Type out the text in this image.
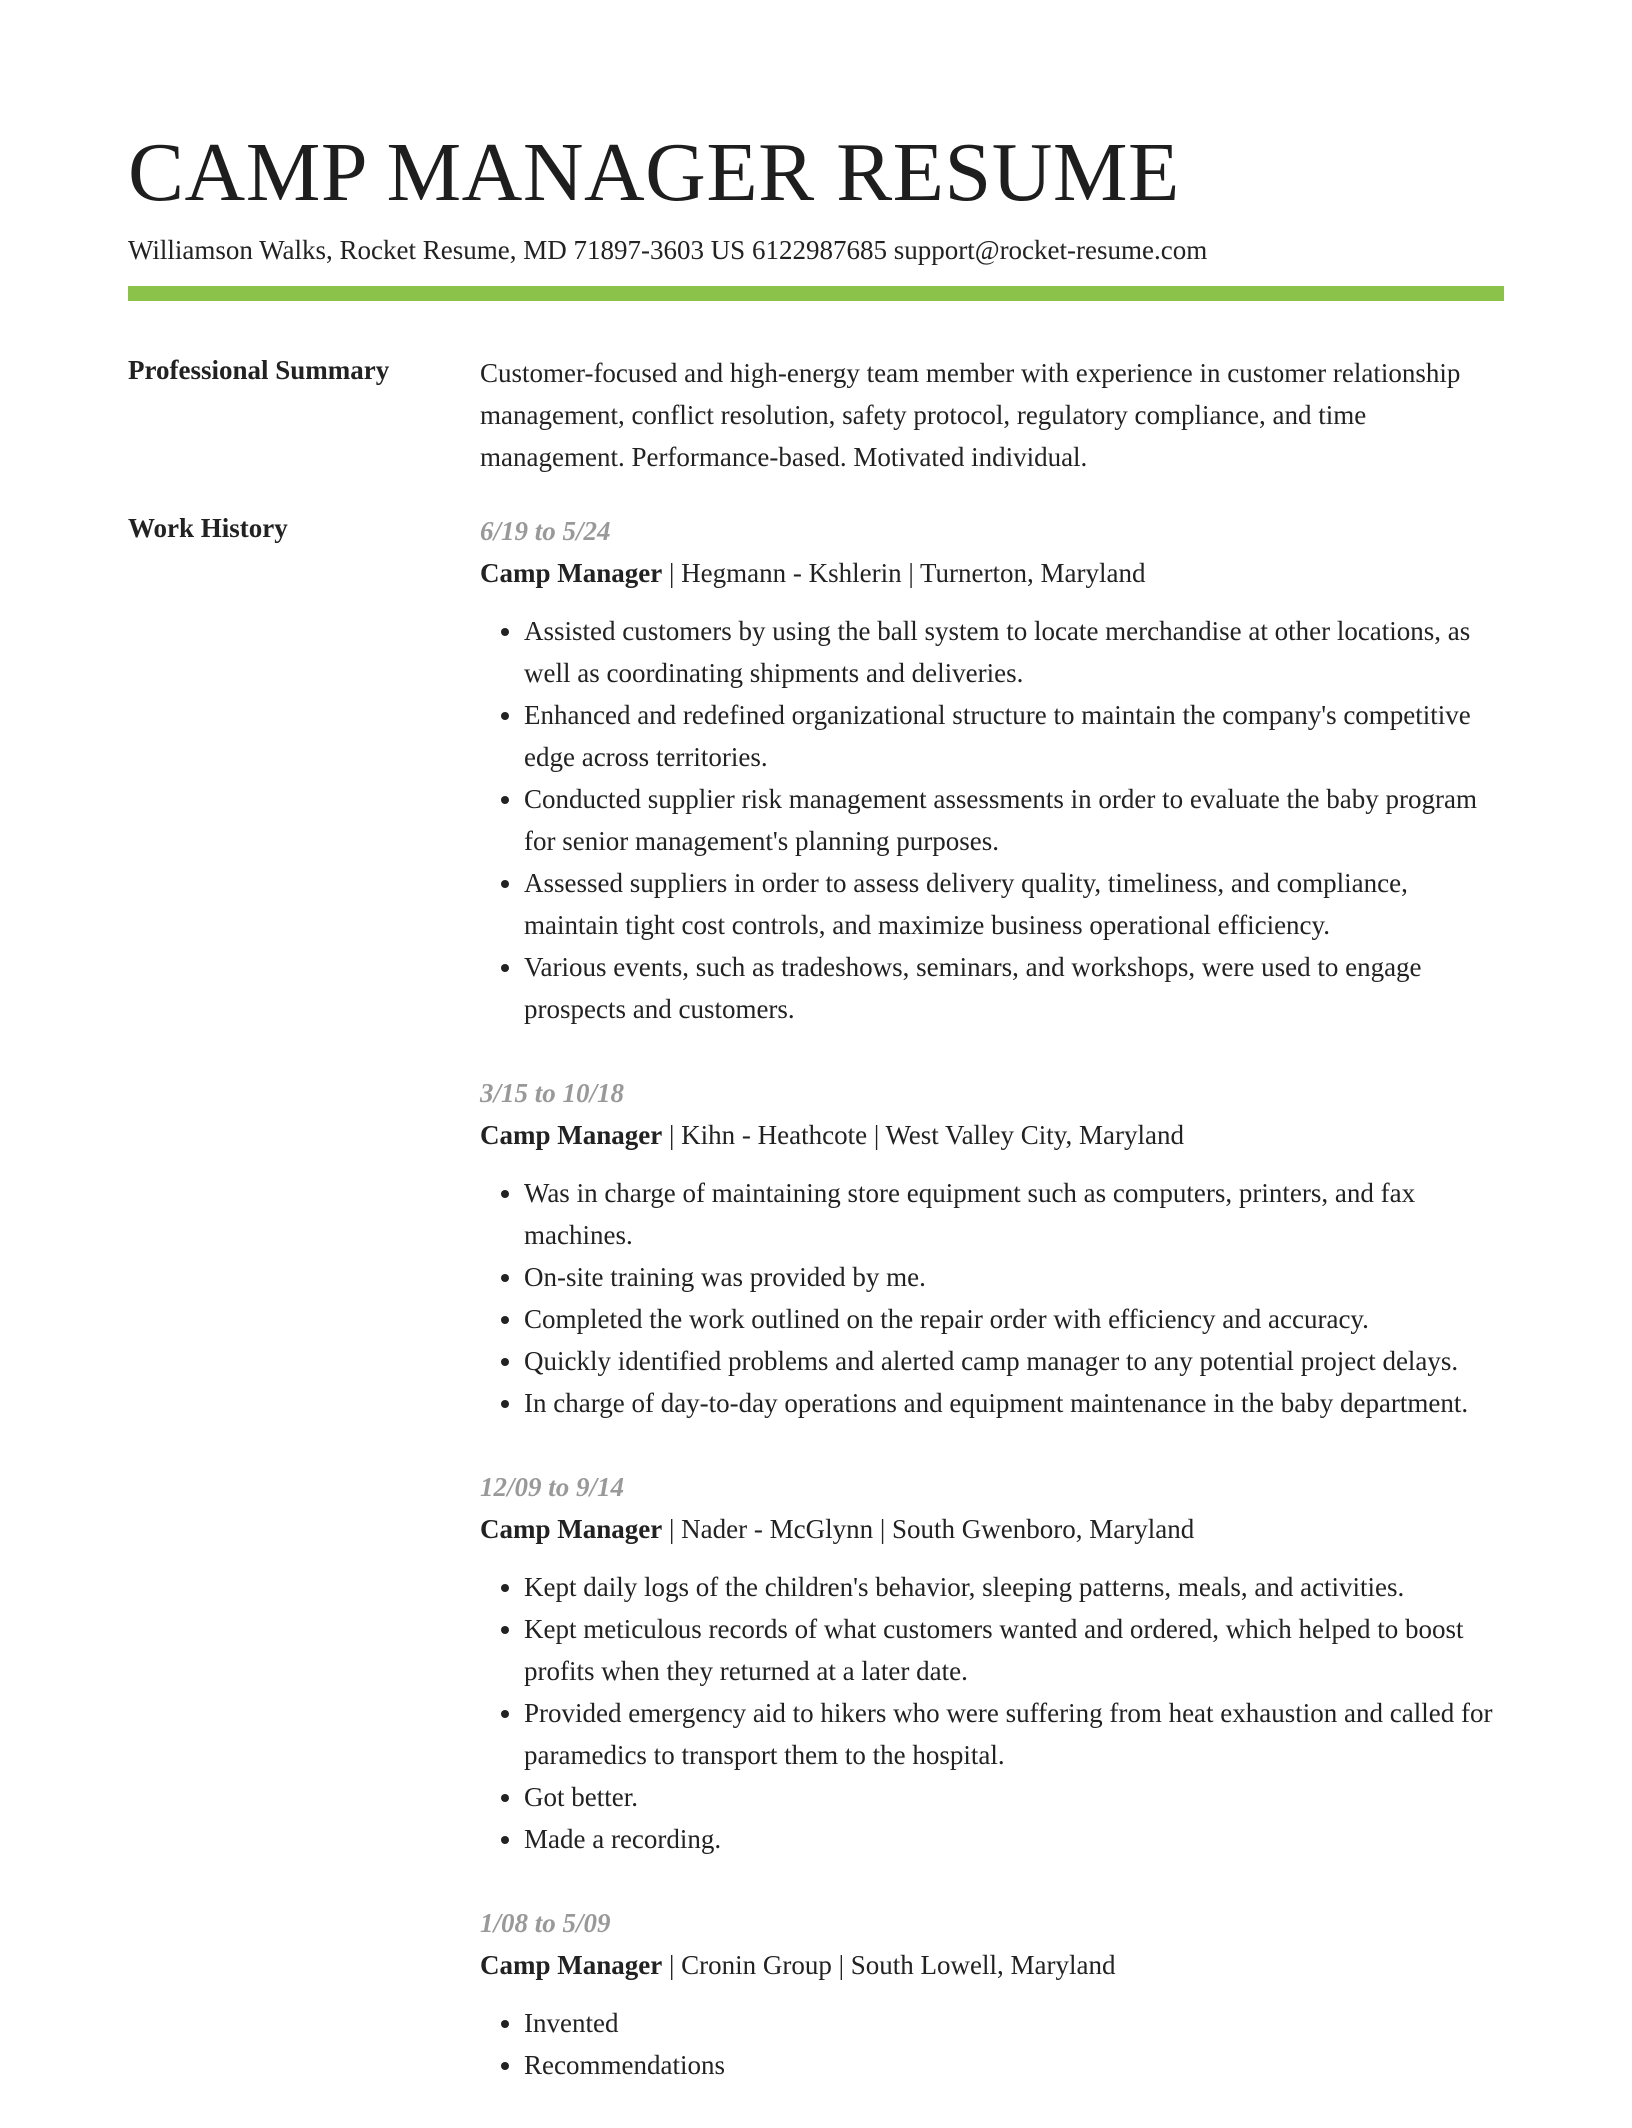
CAMP MANAGER RESUME
Williamson Walks, Rocket Resume, MD 71897-3603 US 6122987685 support@rocket-resume.com
Professional Summary	Customer-focused and high-energy team member with experience in customer relationship management, conflict resolution, safety protocol, regulatory compliance, and time management. Performance-based. Motivated individual.
Work History	6/19 to 5/24
Camp Manager | Hegmann - Kshlerin | Turnerton, Maryland
• Assisted customers by using the ball system to locate merchandise at other locations, as well as coordinating shipments and deliveries.
• Enhanced and redefined organizational structure to maintain the company's competitive edge across territories.
• Conducted supplier risk management assessments in order to evaluate the baby program for senior management's planning purposes.
• Assessed suppliers in order to assess delivery quality, timeliness, and compliance, maintain tight cost controls, and maximize business operational efficiency.
• Various events, such as tradeshows, seminars, and workshops, were used to engage prospects and customers.
3/15 to 10/18
Camp Manager | Kihn - Heathcote | West Valley City, Maryland
• Was in charge of maintaining store equipment such as computers, printers, and fax machines.
• On-site training was provided by me.
• Completed the work outlined on the repair order with efficiency and accuracy.
• Quickly identified problems and alerted camp manager to any potential project delays.
• In charge of day-to-day operations and equipment maintenance in the baby department.
12/09 to 9/14
Camp Manager | Nader - McGlynn | South Gwenboro, Maryland
• Kept daily logs of the children's behavior, sleeping patterns, meals, and activities.
• Kept meticulous records of what customers wanted and ordered, which helped to boost profits when they returned at a later date.
• Provided emergency aid to hikers who were suffering from heat exhaustion and called for paramedics to transport them to the hospital.
• Got better.
• Made a recording.
1/08 to 5/09
Camp Manager | Cronin Group | South Lowell, Maryland
• Invented
• Recommendations
